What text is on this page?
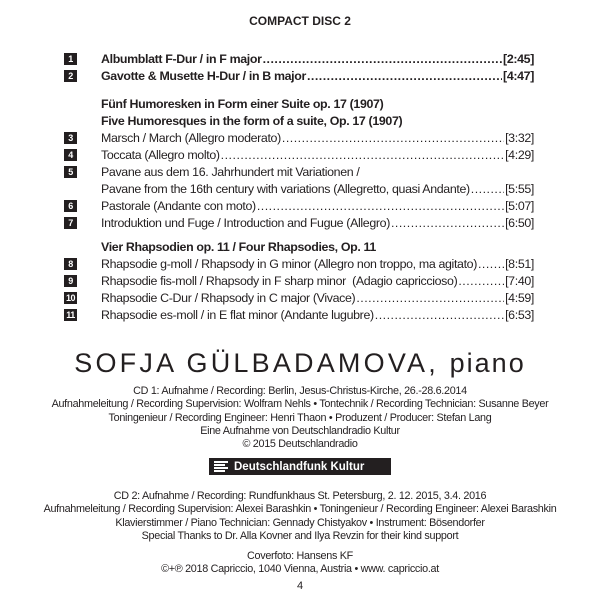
COMPACT DISC 2
1	Albumblatt F-Dur / in F major .....	[2:45]
2	Gavotte & Musette H-Dur / in B major .....	[4:47]
Fünf Humoresken in Form einer Suite op. 17 (1907)
Five Humoresques in the form of a suite, Op. 17 (1907)
3	Marsch / March (Allegro moderato) .....	[3:32]
4	Toccata (Allegro molto) .....	[4:29]
5	Pavane aus dem 16. Jahrhundert mit Variationen /
Pavane from the 16th century with variations (Allegretto, quasi Andante) .....	[5:55]
6	Pastorale (Andante con moto) .....	[5:07]
7	Introduktion und Fuge / Introduction and Fugue (Allegro) .....	[6:50]
Vier Rhapsodien op. 11 / Four Rhapsodies, Op. 11
8	Rhapsodie g-moll / Rhapsody in G minor (Allegro non troppo, ma agitato) ..... [8:51]
9	Rhapsodie fis-moll / Rhapsody in F sharp minor  (Adagio capriccioso) .....	[7:40]
10 Rhapsodie C-Dur / Rhapsody in C major (Vivace) .....	[4:59]
11 Rhapsodie es-moll / in E flat minor (Andante lugubre) .....	[6:53]
SOFJA GÜLBADAMOVA, piano
CD 1: Aufnahme / Recording: Berlin, Jesus-Christus-Kirche, 26.-28.6.2014
Aufnahmeleitung / Recording Supervision: Wolfram Nehls • Tontechnik / Recording Technician: Susanne Beyer
Toningenieur / Recording Engineer: Henri Thaon • Produzent / Producer: Stefan Lang
Eine Aufnahme von Deutschlandradio Kultur
© 2015 Deutschlandradio
Deutschlandfunk Kultur
CD 2: Aufnahme / Recording: Rundfunkhaus St. Petersburg, 2. 12. 2015, 3.4. 2016
Aufnahmeleitung / Recording Supervision: Alexei Barashkin • Toningenieur / Recording Engineer: Alexei Barashkin
Klavierstimmer / Piano Technician: Gennady Chistyakov • Instrument: Bösendorfer
Special Thanks to Dr. Alla Kovner and Ilya Revzin for their kind support
Coverfoto: Hansens KF
©+℗ 2018 Capriccio, 1040 Vienna, Austria • www. capriccio.at
4
